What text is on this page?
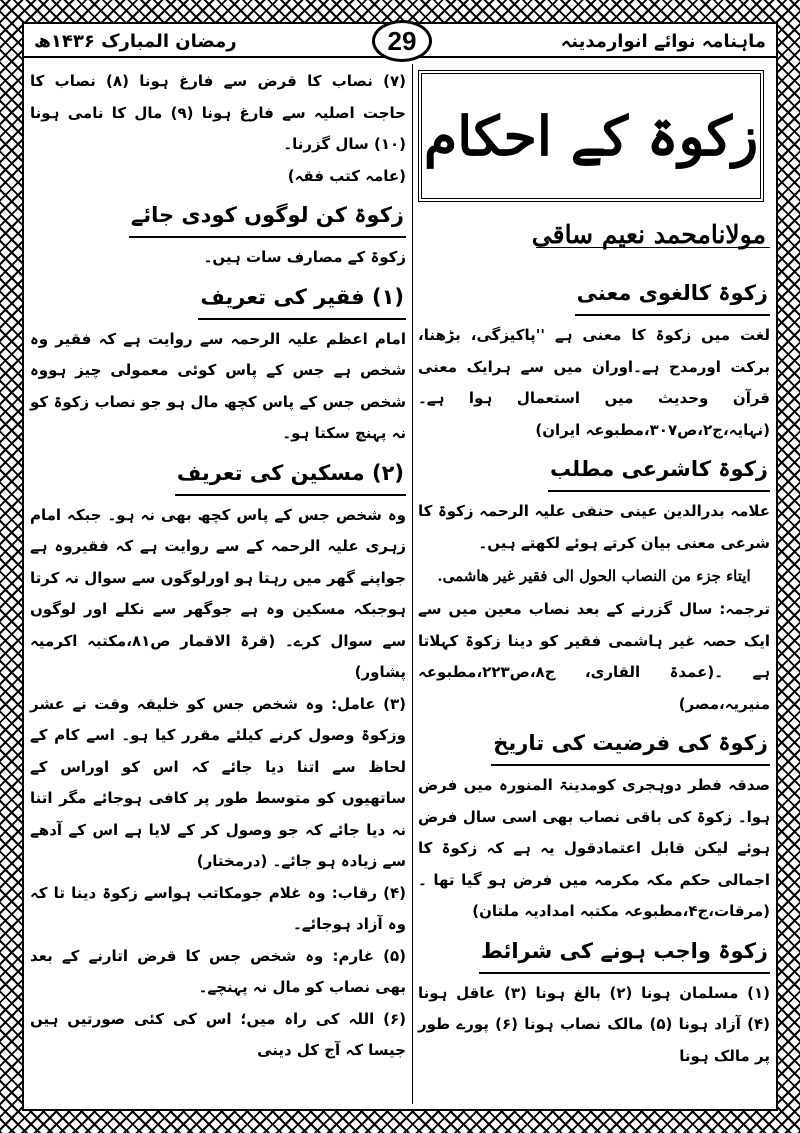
رمضان المبارک ۱۴۳۶ھ	ماہنامہ نوائے انوارمدینہ
29
زکوۃ کے احکام
مولانامحمد نعیم ساقی
زکوۃ کالغوی معنی
لغت میں زکوۃ کا معنی ہے ''پاکیزگی، بڑھنا، برکت اورمدح ہے۔اوران میں سے ہرایک معنی قرآن وحدیث میں استعمال ہوا ہے۔(نہایہ،ج۲،ص۳۰۷،مطبوعہ ایران)
زکوۃ کاشرعی مطلب
علامہ بدرالدین عینی حنفی علیہ الرحمہ زکوۃ کا شرعی معنی بیان کرتے ہوئے لکھتے ہیں۔
ایتاء جزء من النصاب الحول الی فقیر غیر ھاشمی.
ترجمہ: سال گزرنے کے بعد نصاب معین میں سے ایک حصہ غیر ہاشمی فقیر کو دینا زکوۃ کہلاتا ہے ۔(عمدۃ القاری، ج۸،ص۲۲۳،مطبوعہ منیریہ،مصر)
زکوۃ کی فرضیت کی تاریخ
صدقہ فطر دوہجری کومدینۃ المنورہ میں فرض ہوا۔ زکوۃ کی باقی نصاب بھی اسی سال فرض ہوئے لیکن قابل اعتمادقول یہ ہے کہ زکوۃ کا اجمالی حکم مکہ مکرمہ میں فرض ہو گیا تھا ۔ (مرقات،ج۴،مطبوعہ مکتبہ امدادیہ ملتان)
زکوۃ واجب ہونے کی شرائط
(۱) مسلمان ہونا (۲) بالغ ہونا (۳) عاقل ہونا (۴) آزاد ہونا (۵) مالک نصاب ہونا (۶) پورے طور پر مالک ہونا
(۷) نصاب کا قرض سے فارغ ہونا (۸) نصاب کا حاجت اصلیہ سے فارغ ہونا (۹) مال کا نامی ہونا (۱۰) سال گزرنا۔
(عامہ کتب فقہ)
زکوۃ کن لوگوں کودی جائے
زکوۃ کے مصارف سات ہیں۔
(۱) فقیر کی تعریف
امام اعظم علیہ الرحمہ سے روایت ہے کہ فقیر وہ شخص ہے جس کے پاس کوئی معمولی چیز ہووہ شخص جس کے پاس کچھ مال ہو جو نصاب زکوۃ کو نہ پہنچ سکتا ہو۔
(۲) مسکین کی تعریف
وہ شخص جس کے پاس کچھ بھی نہ ہو۔ جبکہ امام زہری علیہ الرحمہ کے سے روایت ہے کہ فقیروہ ہے جواپنے گھر میں رہتا ہو اورلوگوں سے سوال نہ کرتا ہوجبکہ مسکین وہ ہے جوگھر سے نکلے اور لوگوں سے سوال کرے۔ (قرۃ الاقمار ص۸۱،مکتبہ اکرمیہ پشاور)
(۳) عامل: وہ شخص جس کو خلیفہ وقت نے عشر وزکوۃ وصول کرنے کیلئے مقرر کیا ہو۔ اسے کام کے لحاظ سے اتنا دیا جائے کہ اس کو اوراس کے ساتھیوں کو متوسط طور پر کافی ہوجائے مگر اتنا نہ دیا جائے کہ جو وصول کر کے لایا ہے اس کے آدھے سے زیادہ ہو جائے۔ (درمختار)
(۴) رقاب: وہ غلام جومکاتب ہواسے زکوۃ دینا تا کہ وہ آزاد ہوجائے۔
(۵) غارم: وہ شخص جس کا قرض اتارنے کے بعد بھی نصاب کو مال نہ پہنچے۔
(۶) اللہ کی راہ میں؛ اس کی کئی صورتیں ہیں جیسا کہ آج کل دینی
